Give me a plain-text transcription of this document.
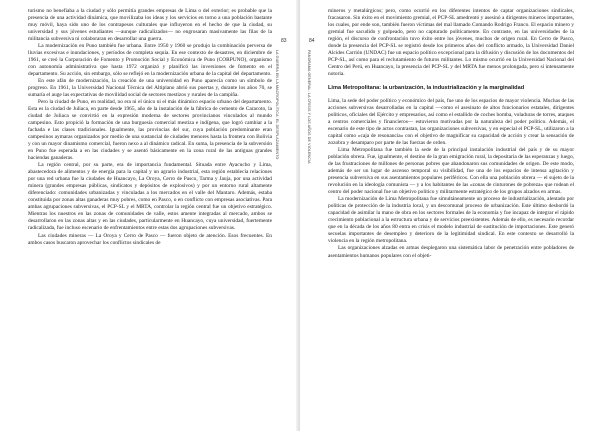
turismo no benefiaba a la ciudad y sólo permitía grandes empresas de Lima o del exterior; es probable que la presencia de una actividad dinámica, que movilizaba los ideas y los servicios en torno a una población bastante muy móvil, haya sido uno de los contrapesos culturales que influyeron en el hecho de que la ciudad, su universidad y sus jóvenes estudiantes —aunque radicalizados— no engrosaran masivamente las filas de la militancia subversiva ni colaboraran en desarrollar una guerra.

La modernización en Puno también fue urbana. Entre 1950 y 1960 se produjo la combinación perversa de lluvias excesivas e inundaciones, y períodos de completa sequía. En ese contexto de desastres, en diciembre de 1961, se creó la Corporación de Fomento y Promoción Social y Económica de Puno (CORPUNO), organismo con autonomía administrativa que hasta 1972 organizó y planificó las inversiones de fomento en el departamento. Su acción, sin embargo, sólo se reflejó en la modernización urbana de la capital del departamento.

En este afán de modernización, la creación de una universidad en Puno aparecía como un símbolo de progreso. En 1961, la Universidad Nacional Técnica del Altiplano abrió sus puertas y, durante los años 70, se sumaría el auge las expectativas de movilidad social de sectores mestizos y rurales de la campiña.

Pero la ciudad de Puno, en realidad, no era ni el único ni el más dinámico espacio urbano del departamento. Esta es la ciudad de Juliaca, en parte desde 1965, año de la instalación de la fábrica de cemento de Caracoto, la ciudad de Juliaca se convirtió en la expresión moderna de sectores provincianos vinculados al mundo campesino. Esto propició la formación de una burguesía comercial mestiza e indígena, que logró cambiar a la fachada e las clases tradicionales. Igualmente, las provincias del sur, cuya población predominante eran campesinos aymaras organizados por medio de una sustancial de ciudades menores hasta la frontera con Bolivia y con un mayor dinamismo comercial, fueron nexo a al dinámico radical. En suma, la presencia de la subversión en Puno fue esperada a en las ciudades y se asentó básicamente en la zona rural de las antiguas grandes haciendas ganaderas.

La región central, por su parte, era de importancia fundamental. Situada entre Ayacucho y Lima, abastecedora de alimentos y de energía para la capital y un agrario industrial, esta región establecía relaciones por una red urbana fue la ciudades de Huancayo, La Oroya, Cerro de Pasco, Tarma y Jauja, por una actividad minera (grandes empresas públicas, sindicatos y depósitos de explosivos) y por un entorno rural altamente diferenciado: comunidades urbanizadas y vinculadas a los mercados en el valle del Mantaro. Además, estaba constituida por zonas altas ganaderas muy pobres, como en Pasco, o en conflicto con empresas asociativas. Para ambas agrupaciones subversivas, el PCP-SL y el MRTA, controlar la región central fue un objetivo estratégico. Mientras los nuestros en las zonas de comunidades de valle, estos amente integradas al mercado, ambos se desarrollaron en las zonas altas y en las ciudades, particularmente en Huancayo, cuya universidad, fuertemente radicalizada, fue incluso escenario de enfrentamientos entre estas dos agrupaciones subversivas.

Las ciudades mineras — La Oroya y Cerro de Pasco — fueron objeto de atención. Esos frecuentes. En ambos casos buscaron aprovechar los conflictos sindicales de

83
LA GUERRA EN LA MACROPOLÍTICA: EL DESPLAZAMIENTO
84
PANORAMA GENERAL: LA CRISIS Y LOS AÑOS DE VIOLENCIA

mineros y metalúrgicos; pero, como ocurrió en los diferentes intentos de captar organizaciones sindicales, fracasaron. Sin éxito en el movimiento gremial, el PCP-SL amedrentó y asesinó a dirigentes mineros importantes, los cuales, por ende son, también fueron víctimas del mal llamado Comando Rodrigo Franco. El espacio minero y gremial fue sacudido y golpeado, pero no capturado políticamente. En contraste, en las universidades de la región, el discurso de confrontación tuvo éxito entre los jóvenes, muchos de origen rural. En Cerro de Pasco, donde la presencia del PCP-SL se registró desde los primeros años del conflicto armado, la Universidad Daniel Alcides Carrión (UNDAC) fue un espacio político excepcional para la difusión y discusión de los documentos del PCP-SL, así como para el reclutamiento de futuros militantes. Lo mismo ocurrió en la Universidad Nacional del Centro del Perú, en Huancayo, la presencia del PCP-SL y del MRTA fue menos prolongada, pero sí intensamente notoria.

Lima Metropolitana: la urbanización, la industrialización y la marginalidad

Lima, la sede del poder político y económico del país, fue uno de los espacios de mayor violencia. Muchas de las acciones subversivas desarrolladas en la capital —como el asesinato de altos funcionarios estatales, dirigentes políticos, oficiales del Ejército y empresarios, así como el estallido de coches bomba, voladuras de torres, ataques a centros comerciales y financieros— estuvieron motivadas por la naturaleza del poder político. Además, el escenario de este tipo de actos contrastan, las organizaciones subversivas, y en especial el PCP-SL, utilizaron a la capital como «caja de resonancia» con el objetivo de magnificar su capacidad de acción y crear la sensación de zozobra y desamparo por parte de las fuerzas de orden.

Lima Metropolitana fue también la sede de la principal instalación industrial del país y de su mayor población obrera. Fue, igualmente, el destino de la gran emigración rural, la depositaria de las esperanzas y luego, de las frustraciones de millones de personas pobres que abandonaron sus comunidades de origen. De este modo, además de ser un lugar de ascenso temporal su visibilidad, fue una de los espacios de intensa agitación y presencia subversiva en sus asentamientos populares periféricos. Con ella una población obrera — el sujeto de la revolución en la ideología comunista — y a los habitantes de las «zonas de cinturones de pobreza» que rodean el centro del poder nacional fue un objetivo político y militarmente estratégico de los grupos alzados en armas.

La modernización de Lima Metropolitana fue simultáneamente un proceso de industrialización, alentado por políticas de protección de la industria local, y un descomunal proceso de urbanización. Este último desbordó la capacidad de asimilar la mano de obra en los sectores formales de la economía y fue incapaz de integrar el rápido crecimiento poblacional a la estructura urbana y de servicios preexistentes. Además de ello, es necesario recordar que en la década de los años 80 entra en crisis el modelo industrial de sustitución de importaciones. Este generó secuelas importantes de desempleo y deterioro de la legitimidad sindical. En este contexto se desarrolló la violencia en la región metropolitana.

Las organizaciones alzadas en armas desplegaron una sistemática labor de penetración entre pobladores de asentamientos humanos populares con el objeti-
